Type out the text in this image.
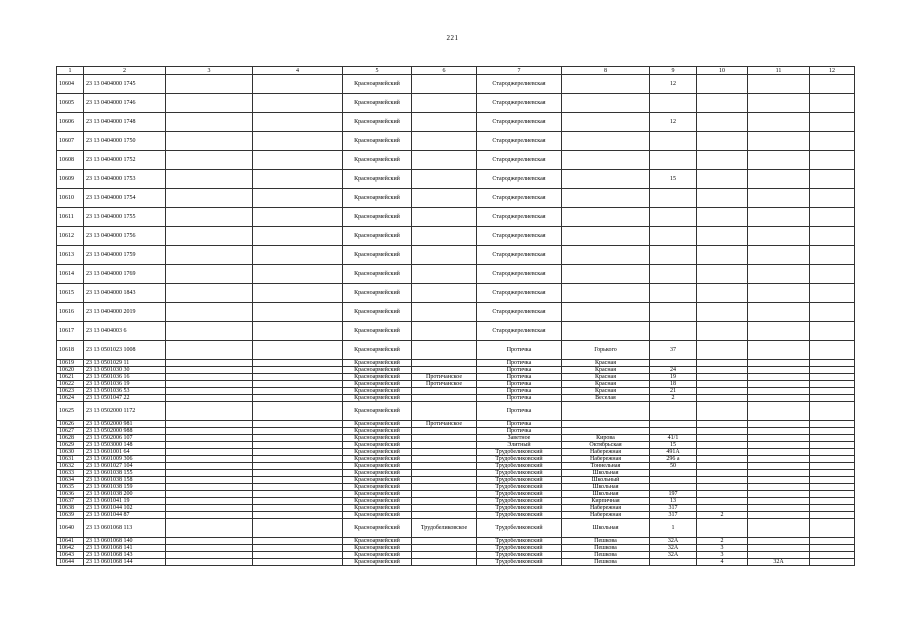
221
1	2	3	4	5	6	7	8	9	10	11	12
10604	23 13 0404000 1745			Красноармейский		Староджерелиевская		12			
10605	23 13 0404000 1746			Красноармейский		Староджерелиевская					
10606	23 13 0404000 1748			Красноармейский		Староджерелиевская		12			
10607	23 13 0404000 1750			Красноармейский		Староджерелиевская					
10608	23 13 0404000 1752			Красноармейский		Староджерелиевская					
10609	23 13 0404000 1753			Красноармейский		Староджерелиевская		15			
10610	23 13 0404000 1754			Красноармейский		Староджерелиевская					
10611	23 13 0404000 1755			Красноармейский		Староджерелиевская					
10612	23 13 0404000 1756			Красноармейский		Староджерелиевская					
10613	23 13 0404000 1759			Красноармейский		Староджерелиевская					
10614	23 13 0404000 1769			Красноармейский		Староджерелиевская					
10615	23 13 0404000 1843			Красноармейский		Староджерелиевская					
10616	23 13 0404000 2019			Красноармейский		Староджерелиевская					
10617	23 13 0404003 6			Красноармейский		Староджерелиевская					
10618	23 13 0501023 1008			Красноармейский		Протичка	Горького	37			
10619	23 13 0501029 11			Красноармейский		Протичка	Красная				
10620	23 13 0501030 30			Красноармейский		Протичка	Красная	24			
10621	23 13 0501036 16			Красноармейский	Протичанское	Протичка	Красная	19			
10622	23 13 0501036 19			Красноармейский	Протичанское	Протичка	Красная	18			
10623	23 13 0501036 53			Красноармейский		Протичка	Красная	21			
10624	23 13 0501047 22			Красноармейский		Протичка	Веселая	2			
10625	23 13 0502000 1172			Красноармейский		Протичка					
10626	23 13 0502000 981			Красноармейский	Протичанское	Протичка					
10627	23 13 0502000 988			Красноармейский		Протичка					
10628	23 13 0502006 107			Красноармейский		Заветное	Кирова	41/1			
10629	23 13 0503000 148			Красноармейский		Элитный	Октябрьская	15			
10630	23 13 0601001 64			Красноармейский		Трудобеликовский	Набережная	491А			
10631	23 13 0601009 306			Красноармейский		Трудобеликовский	Набережная	296 а			
10632	23 13 0601027 104			Красноармейский		Трудобеликовский	Тоннельная	50			
10633	23 13 0601038 155			Красноармейский		Трудобеликовский	Школьная				
10634	23 13 0601038 158			Красноармейский		Трудобеликовский	Школьный				
10635	23 13 0601038 159			Красноармейский		Трудобеликовский	Школьная				
10636	23 13 0601038 200			Красноармейский		Трудобеликовский	Школьная	197			
10637	23 13 0601041 19			Красноармейский		Трудобеликовский	Кирпичная	13			
10638	23 13 0601044 102			Красноармейский		Трудобеликовский	Набережная	317			
10639	23 13 0601044 87			Красноармейский		Трудобеликовский	Набережная	317	2		
10640	23 13 0601068 113			Красноармейский	Трудобеликовское	Трудобеликовский	Школьная	1			
10641	23 13 0601068 140			Красноармейский		Трудобеликовский	Пешкова	32А	2		
10642	23 13 0601068 141			Красноармейский		Трудобеликовский	Пешкова	32А	3		
10643	23 13 0601068 143			Красноармейский		Трудобеликовский	Пешкова	32А	3		
10644	23 13 0601068 144			Красноармейский		Трудобеликовский	Пешкова		4	32А	
